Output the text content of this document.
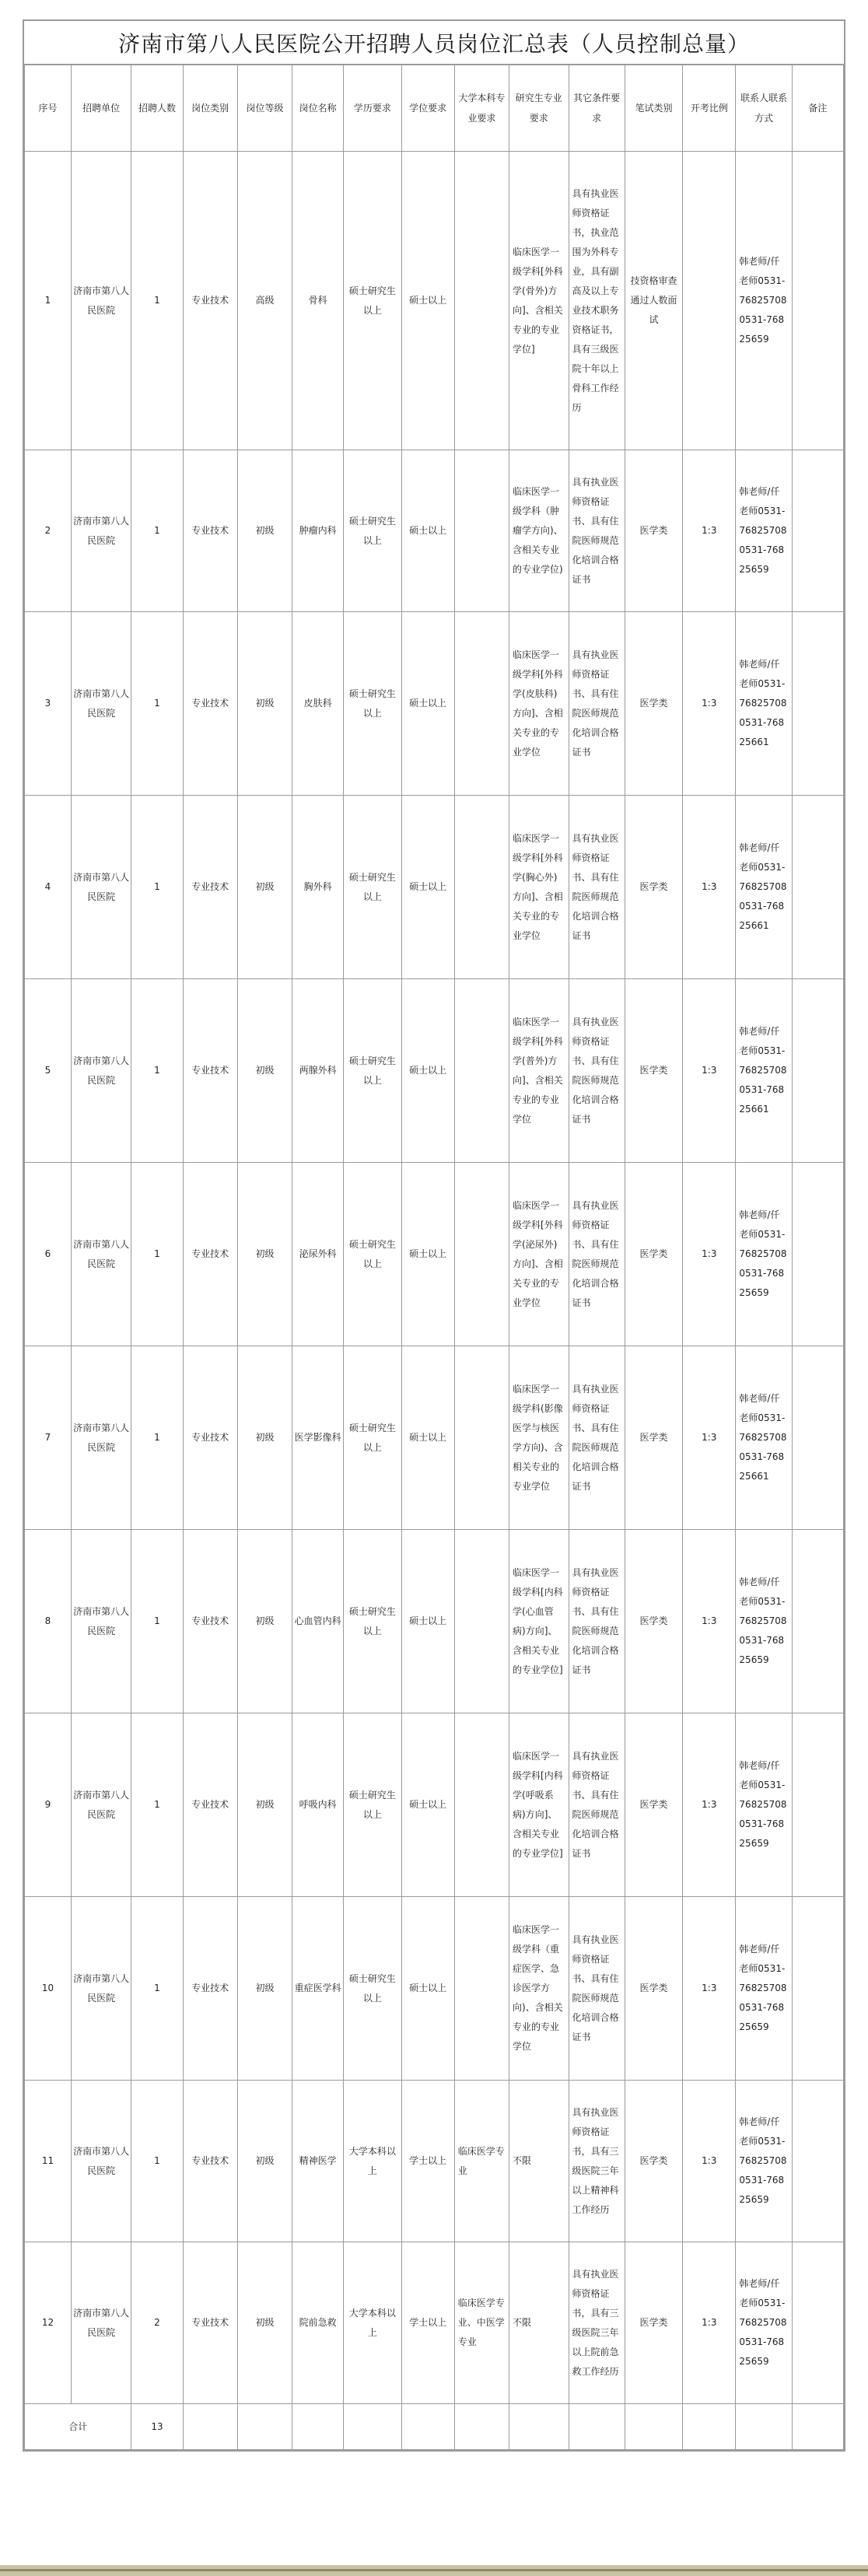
济南市第八人民医院公开招聘人员岗位汇总表（人员控制总量）
序号	招聘单位	招聘人数	岗位类别	岗位等级	岗位名称	学历要求	学位要求	大学本科专业要求	研究生专业要求	其它条件要求	笔试类别	开考比例	联系人联系方式	备注
1	济南市第八人民医院	1	专业技术	高级	骨科	硕士研究生以上	硕士以上		临床医学一级学科[外科学(骨外)方向]、含相关专业的专业学位]	具有执业医师资格证书，执业范围为外科专业，具有副高及以上专业技术职务资格证书，具有三级医院十年以上骨科工作经历	技资格审查通过人数面试		韩老师/仟老师0531-76825708 0531-76825659	
2	济南市第八人民医院	1	专业技术	初级	肿瘤内科	硕士研究生以上	硕士以上		临床医学一级学科（肿瘤学方向)、含相关专业的专业学位)	具有执业医师资格证书、具有住院医师规范化培训合格证书	医学类	1:3	韩老师/仟老师0531-76825708 0531-76825659	
3	济南市第八人民医院	1	专业技术	初级	皮肤科	硕士研究生以上	硕士以上		临床医学一级学科[外科学(皮肤科)方向]、含相关专业的专业学位	具有执业医师资格证书、具有住院医师规范化培训合格证书	医学类	1:3	韩老师/仟老师0531-76825708 0531-76825661	
4	济南市第八人民医院	1	专业技术	初级	胸外科	硕士研究生以上	硕士以上		临床医学一级学科[外科学(胸心外)方向]、含相关专业的专业学位	具有执业医师资格证书、具有住院医师规范化培训合格证书	医学类	1:3	韩老师/仟老师0531-76825708 0531-76825661	
5	济南市第八人民医院	1	专业技术	初级	两腺外科	硕士研究生以上	硕士以上		临床医学一级学科[外科学(普外)方向]、含相关专业的专业学位	具有执业医师资格证书、具有住院医师规范化培训合格证书	医学类	1:3	韩老师/仟老师0531-76825708 0531-76825661	
6	济南市第八人民医院	1	专业技术	初级	泌尿外科	硕士研究生以上	硕士以上		临床医学一级学科[外科学(泌尿外)方向]、含相关专业的专业学位	具有执业医师资格证书、具有住院医师规范化培训合格证书	医学类	1:3	韩老师/仟老师0531-76825708 0531-76825659	
7	济南市第八人民医院	1	专业技术	初级	医学影像科	硕士研究生以上	硕士以上		临床医学一级学科(影像医学与核医学方向)、含相关专业的专业学位	具有执业医师资格证书、具有住院医师规范化培训合格证书	医学类	1:3	韩老师/仟老师0531-76825708 0531-76825661	
8	济南市第八人民医院	1	专业技术	初级	心血管内科	硕士研究生以上	硕士以上		临床医学一级学科[内科学(心血管病)方向]、含相关专业的专业学位]	具有执业医师资格证书、具有住院医师规范化培训合格证书	医学类	1:3	韩老师/仟老师0531-76825708 0531-76825659	
9	济南市第八人民医院	1	专业技术	初级	呼吸内科	硕士研究生以上	硕士以上		临床医学一级学科[内科学(呼吸系病)方向]、含相关专业的专业学位]	具有执业医师资格证书、具有住院医师规范化培训合格证书	医学类	1:3	韩老师/仟老师0531-76825708 0531-76825659	
10	济南市第八人民医院	1	专业技术	初级	重症医学科	硕士研究生以上	硕士以上		临床医学一级学科（重症医学、急诊医学方向)、含相关专业的专业学位	具有执业医师资格证书、具有住院医师规范化培训合格证书	医学类	1:3	韩老师/仟老师0531-76825708 0531-76825659	
11	济南市第八人民医院	1	专业技术	初级	精神医学	大学本科以上	学士以上	临床医学专业	不限	具有执业医师资格证书，具有三级医院三年以上精神科工作经历	医学类	1:3	韩老师/仟老师0531-76825708 0531-76825659	
12	济南市第八人民医院	2	专业技术	初级	院前急救	大学本科以上	学士以上	临床医学专业、中医学专业	不限	具有执业医师资格证书，具有三级医院三年以上院前急救工作经历	医学类	1:3	韩老师/仟老师0531-76825708 0531-76825659	
合计		13												
